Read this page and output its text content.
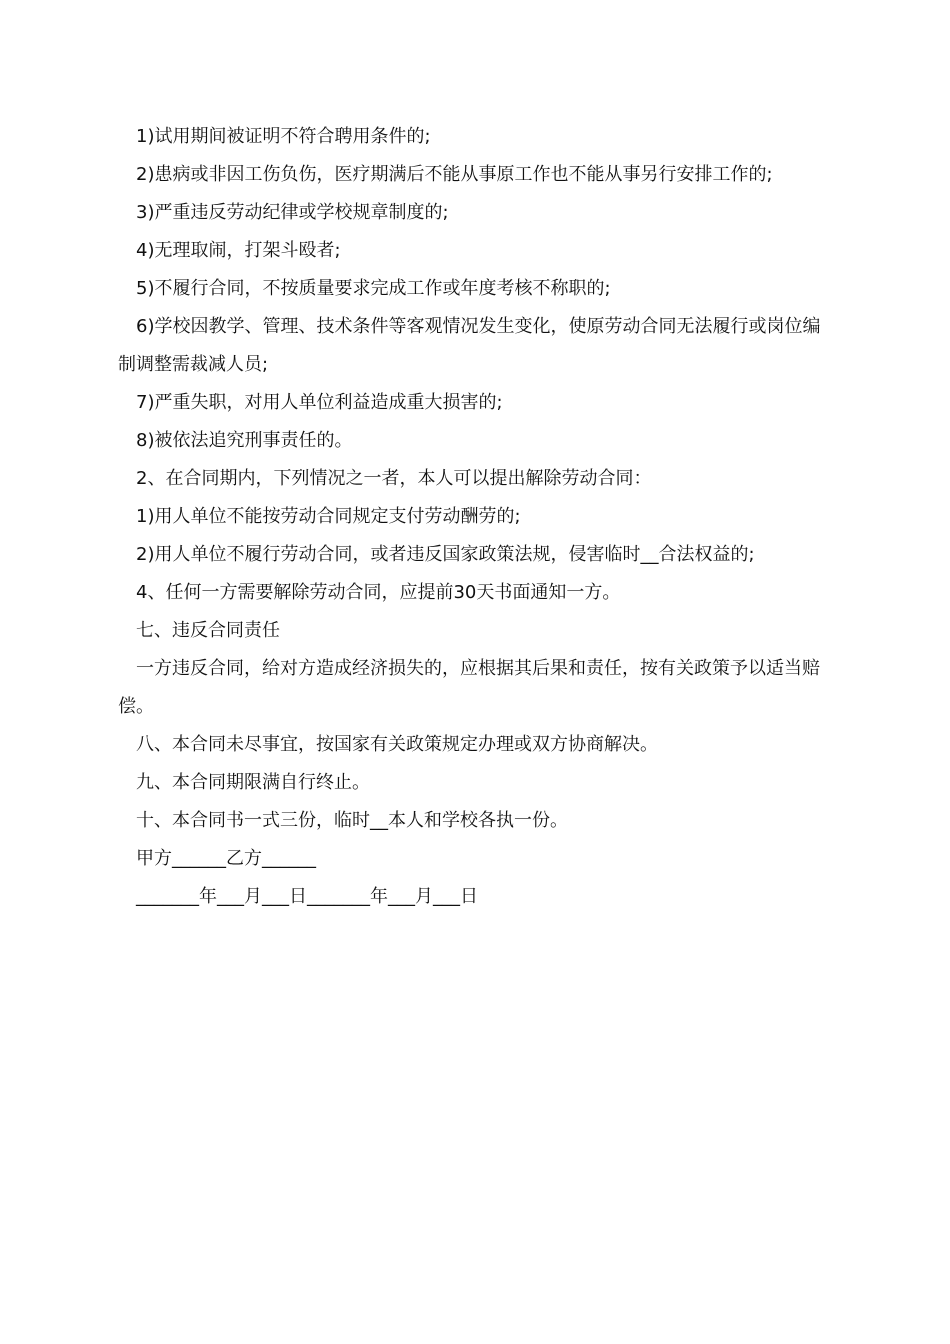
1)试用期间被证明不符合聘用条件的;

2)患病或非因工伤负伤，医疗期满后不能从事原工作也不能从事另行安排工作的;

3)严重违反劳动纪律或学校规章制度的;

4)无理取闹，打架斗殴者;

5)不履行合同，不按质量要求完成工作或年度考核不称职的;

6)学校因教学、管理、技术条件等客观情况发生变化，使原劳动合同无法履行或岗位编制调整需裁减人员;

7)严重失职，对用人单位利益造成重大损害的;

8)被依法追究刑事责任的。

2、在合同期内，下列情况之一者，本人可以提出解除劳动合同：

1)用人单位不能按劳动合同规定支付劳动酬劳的;

2)用人单位不履行劳动合同，或者违反国家政策法规，侵害临时__合法权益的;

4、任何一方需要解除劳动合同，应提前30天书面通知一方。

七、违反合同责任

一方违反合同，给对方造成经济损失的，应根据其后果和责任，按有关政策予以适当赔偿。

八、本合同未尽事宜，按国家有关政策规定办理或双方协商解决。

九、本合同期限满自行终止。

十、本合同书一式三份，临时__本人和学校各执一份。

甲方______乙方______

_______年___月___日_______年___月___日
